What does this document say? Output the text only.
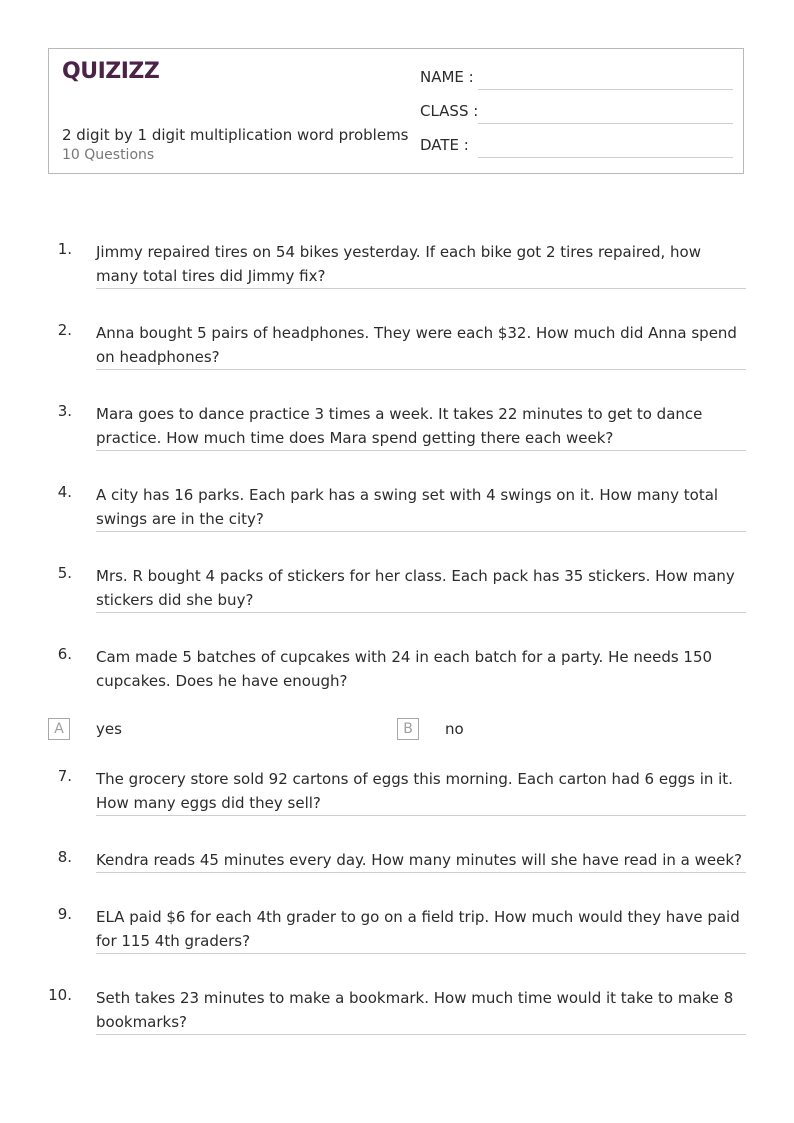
QUIZIZZ
2 digit by 1 digit multiplication word problems
10 Questions
NAME :
CLASS :
DATE :
1. Jimmy repaired tires on 54 bikes yesterday. If each bike got 2 tires repaired, how many total tires did Jimmy fix?
2. Anna bought 5 pairs of headphones. They were each $32. How much did Anna spend on headphones?
3. Mara goes to dance practice 3 times a week. It takes 22 minutes to get to dance practice. How much time does Mara spend getting there each week?
4. A city has 16 parks. Each park has a swing set with 4 swings on it. How many total swings are in the city?
5. Mrs. R bought 4 packs of stickers for her class. Each pack has 35 stickers. How many stickers did she buy?
6. Cam made 5 batches of cupcakes with 24 in each batch for a party. He needs 150 cupcakes. Does he have enough?
A	yes	B	no
7. The grocery store sold 92 cartons of eggs this morning. Each carton had 6 eggs in it. How many eggs did they sell?
8. Kendra reads 45 minutes every day. How many minutes will she have read in a week?
9. ELA paid $6 for each 4th grader to go on a field trip. How much would they have paid for 115 4th graders?
10. Seth takes 23 minutes to make a bookmark. How much time would it take to make 8 bookmarks?
